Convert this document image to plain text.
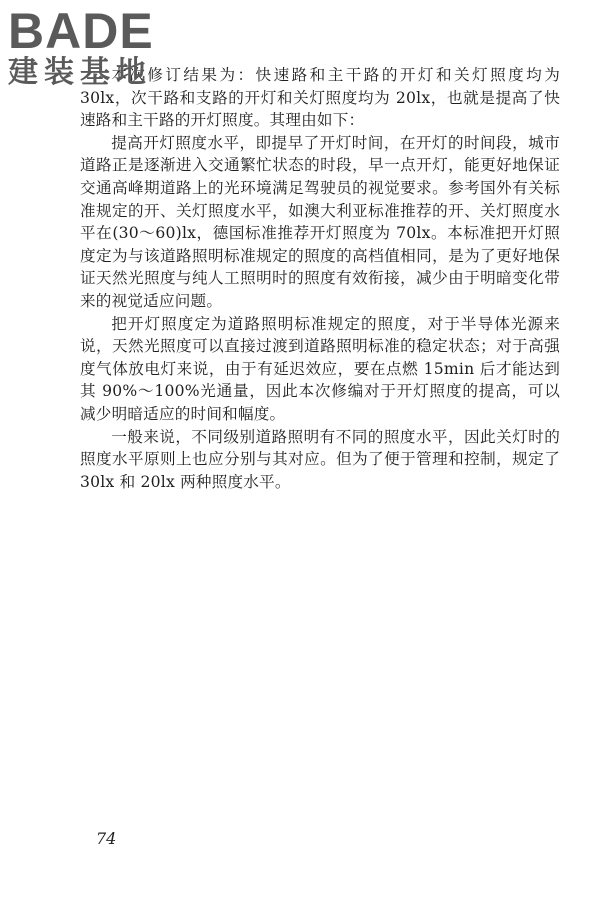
BADE
建装基地

本次修订结果为：快速路和主干路的开灯和关灯照度均为 30lx，次干路和支路的开灯和关灯照度均为 20lx，也就是提高了快速路和主干路的开灯照度。其理由如下：

提高开灯照度水平，即提早了开灯时间，在开灯的时间段，城市道路正是逐渐进入交通繁忙状态的时段，早一点开灯，能更好地保证交通高峰期道路上的光环境满足驾驶员的视觉要求。参考国外有关标准规定的开、关灯照度水平，如澳大利亚标准推荐的开、关灯照度水平在(30～60)lx，德国标准推荐开灯照度为 70lx。本标准把开灯照度定为与该道路照明标准规定的照度的高档值相同，是为了更好地保证天然光照度与纯人工照明时的照度有效衔接，减少由于明暗变化带来的视觉适应问题。

把开灯照度定为道路照明标准规定的照度，对于半导体光源来说，天然光照度可以直接过渡到道路照明标准的稳定状态；对于高强度气体放电灯来说，由于有延迟效应，要在点燃 15min 后才能达到其 90%～100%光通量，因此本次修编对于开灯照度的提高，可以减少明暗适应的时间和幅度。

一般来说，不同级别道路照明有不同的照度水平，因此关灯时的照度水平原则上也应分别与其对应。但为了便于管理和控制，规定了 30lx 和 20lx 两种照度水平。

74
